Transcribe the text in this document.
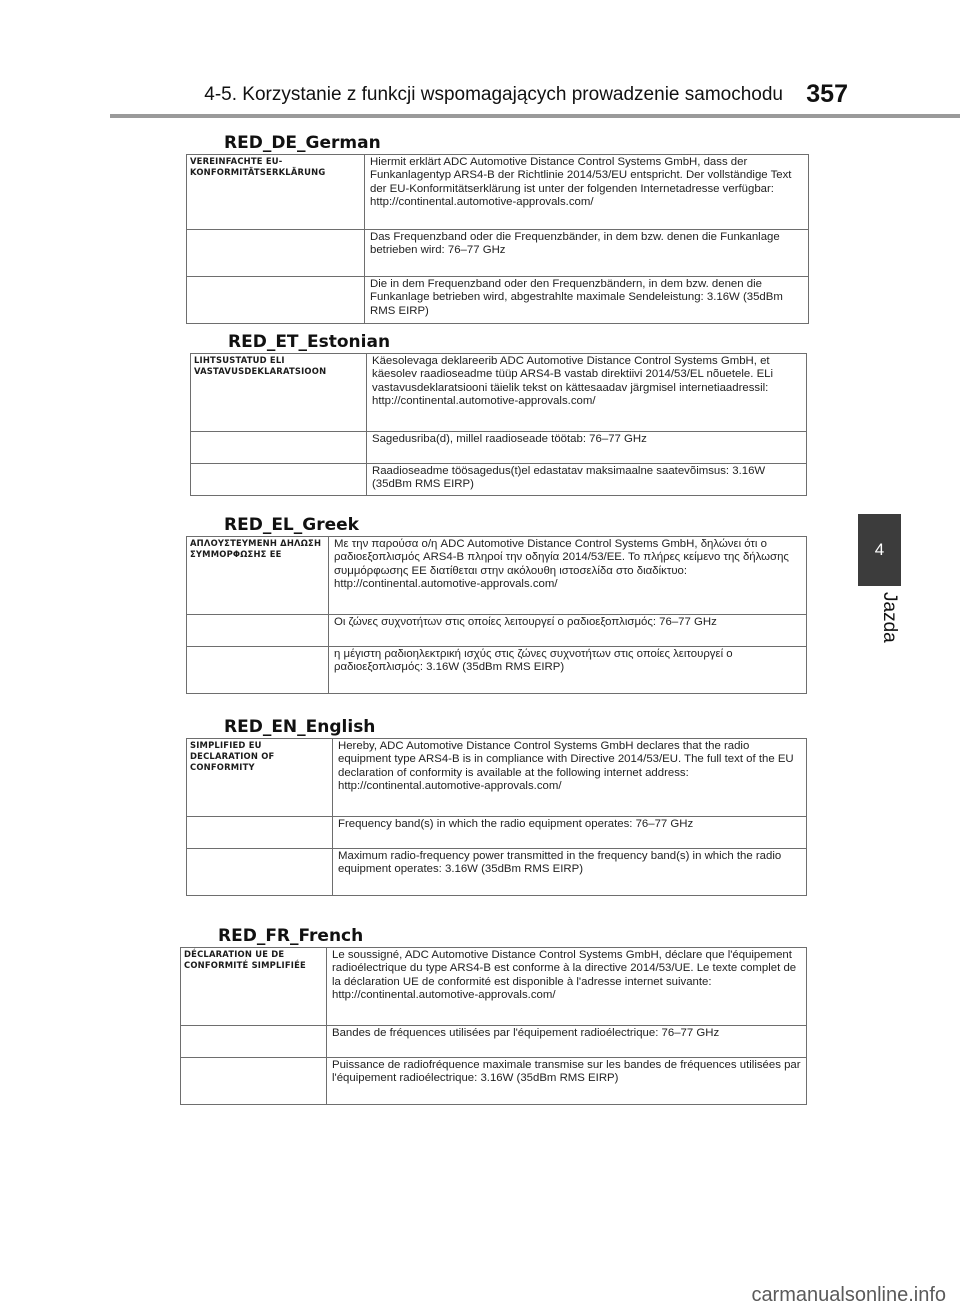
4-5. Korzystanie z funkcji wspomagających prowadzenie samochodu 357
4
Jazda
RED_DE_German
VEREINFACHTE EU-KONFORMITÄTSERKLÄRUNG	Hiermit erklärt ADC Automotive Distance Control Systems GmbH, dass der Funkanlagentyp ARS4-B der Richtlinie 2014/53/EU entspricht. Der vollständige Text der EU-Konformitätserklärung ist unter der folgenden Internetadresse verfügbar: http://continental.automotive-approvals.com/
	Das Frequenzband oder die Frequenzbänder, in dem bzw. denen die Funkanlage betrieben wird: 76–77 GHz
	Die in dem Frequenzband oder den Frequenzbändern, in dem bzw. denen die Funkanlage betrieben wird, abgestrahlte maximale Sendeleistung: 3.16W (35dBm RMS EIRP)
RED_ET_Estonian
LIHTSUSTATUD ELI VASTAVUSDEKLARATSIOON	Käesolevaga deklareerib ADC Automotive Distance Control Systems GmbH, et käesolev raadioseadme tüüp ARS4-B vastab direktiivi 2014/53/EL nõuetele. ELi vastavusdeklaratsiooni täielik tekst on kättesaadav järgmisel internetiaadressil: http://continental.automotive-approvals.com/
	Sagedusriba(d), millel raadioseade töötab: 76–77 GHz
	Raadioseadme töösagedus(t)el edastatav maksimaalne saatevõimsus: 3.16W (35dBm RMS EIRP)
RED_EL_Greek
ΑΠΛΟΥΣΤΕΥΜΕΝΗ ΔΗΛΩΣΗ ΣΥΜΜΟΡΦΩΣΗΣ ΕΕ	Με την παρούσα ο/η ADC Automotive Distance Control Systems GmbH, δηλώνει ότι ο ραδιοεξοπλισμός ARS4-B πληροί την οδηγία 2014/53/ΕΕ. Το πλήρες κείμενο της δήλωσης συμμόρφωσης ΕΕ διατίθεται στην ακόλουθη ιστοσελίδα στο διαδίκτυο: http://continental.automotive-approvals.com/
	Οι ζώνες συχνοτήτων στις οποίες λειτουργεί ο ραδιοεξοπλισμός: 76–77 GHz
	η μέγιστη ραδιοηλεκτρική ισχύς στις ζώνες συχνοτήτων στις οποίες λειτουργεί ο ραδιοεξοπλισμός: 3.16W (35dBm RMS EIRP)
RED_EN_English
SIMPLIFIED EU DECLARATION OF CONFORMITY	Hereby, ADC Automotive Distance Control Systems GmbH declares that the radio equipment type ARS4-B is in compliance with Directive 2014/53/EU. The full text of the EU declaration of conformity is available at the following internet address: http://continental.automotive-approvals.com/
	Frequency band(s) in which the radio equipment operates: 76–77 GHz
	Maximum radio-frequency power transmitted in the frequency band(s) in which the radio equipment operates: 3.16W (35dBm RMS EIRP)
RED_FR_French
DÉCLARATION UE DE CONFORMITÉ SIMPLIFIÉE	Le soussigné, ADC Automotive Distance Control Systems GmbH, déclare que l'équipement radioélectrique du type ARS4-B est conforme à la directive 2014/53/UE. Le texte complet de la déclaration UE de conformité est disponible à l'adresse internet suivante: http://continental.automotive-approvals.com/
	Bandes de fréquences utilisées par l'équipement radioélectrique: 76–77 GHz
	Puissance de radiofréquence maximale transmise sur les bandes de fréquences utilisées par l'équipement radioélectrique: 3.16W (35dBm RMS EIRP)
carmanualsonline.info
